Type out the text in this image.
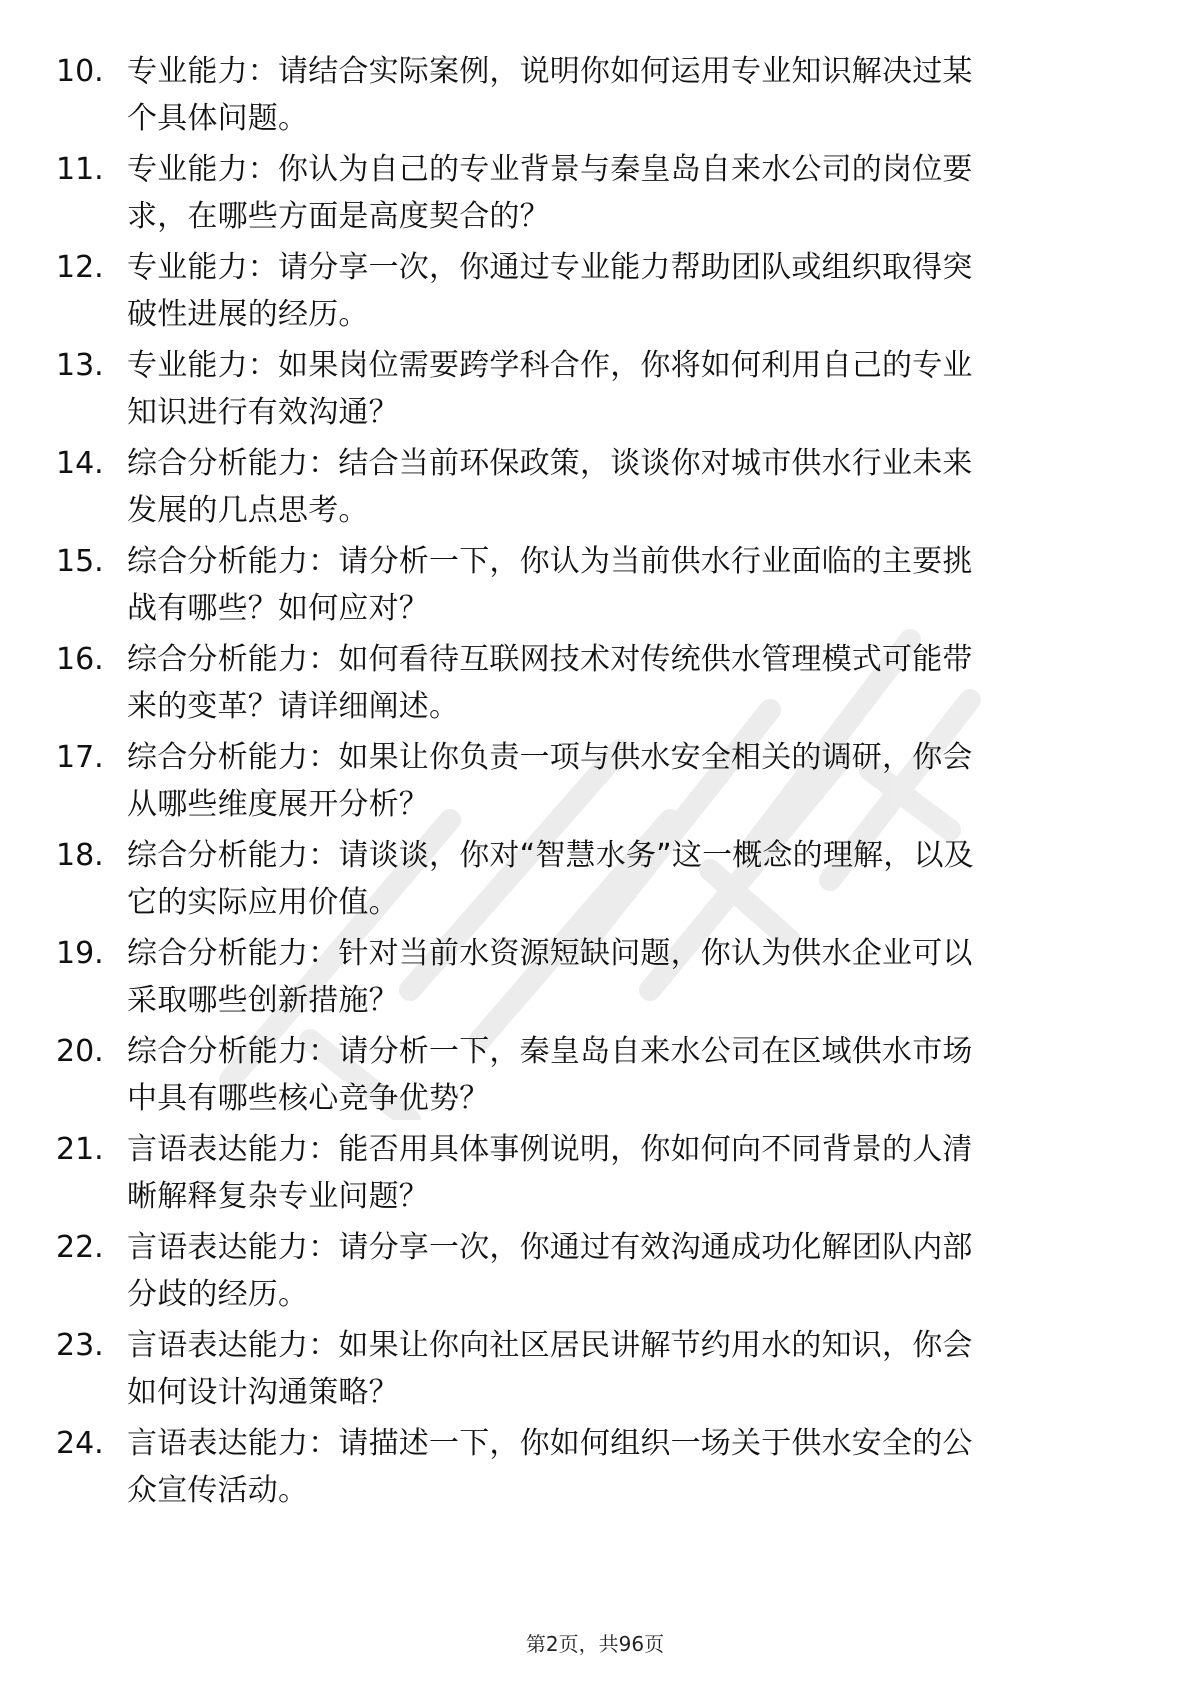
10. 专业能力：请结合实际案例，说明你如何运用专业知识解决过某
个具体问题。
11. 专业能力：你认为自己的专业背景与秦皇岛自来水公司的岗位要
求，在哪些方面是高度契合的？
12. 专业能力：请分享一次，你通过专业能力帮助团队或组织取得突
破性进展的经历。
13. 专业能力：如果岗位需要跨学科合作，你将如何利用自己的专业
知识进行有效沟通？
14. 综合分析能力：结合当前环保政策，谈谈你对城市供水行业未来
发展的几点思考。
15. 综合分析能力：请分析一下，你认为当前供水行业面临的主要挑
战有哪些？如何应对？
16. 综合分析能力：如何看待互联网技术对传统供水管理模式可能带
来的变革？请详细阐述。
17. 综合分析能力：如果让你负责一项与供水安全相关的调研，你会
从哪些维度展开分析？
18. 综合分析能力：请谈谈，你对“智慧水务”这一概念的理解，以及
它的实际应用价值。
19. 综合分析能力：针对当前水资源短缺问题，你认为供水企业可以
采取哪些创新措施？
20. 综合分析能力：请分析一下，秦皇岛自来水公司在区域供水市场
中具有哪些核心竞争优势？
21. 言语表达能力：能否用具体事例说明，你如何向不同背景的人清
晰解释复杂专业问题？
22. 言语表达能力：请分享一次，你通过有效沟通成功化解团队内部
分歧的经历。
23. 言语表达能力：如果让你向社区居民讲解节约用水的知识，你会
如何设计沟通策略？
24. 言语表达能力：请描述一下，你如何组织一场关于供水安全的公
众宣传活动。
第2页，共96页
